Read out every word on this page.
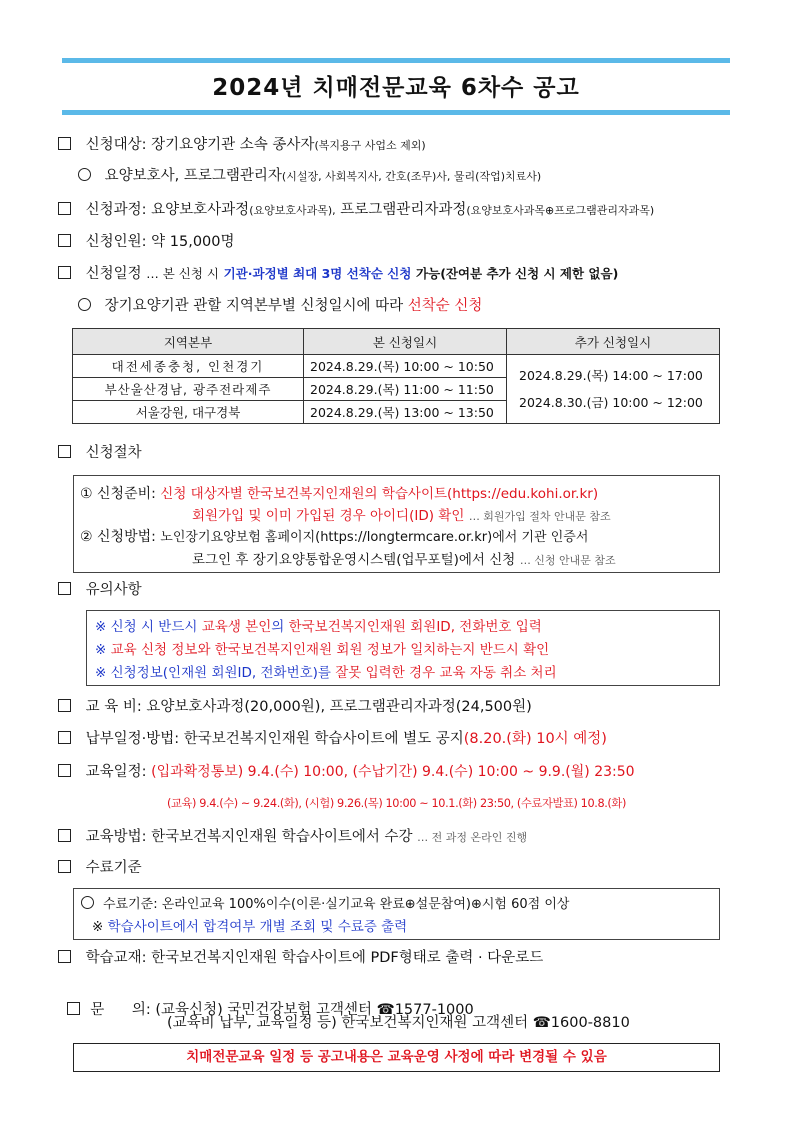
2024년 치매전문교육 6차수 공고
신청대상: 장기요양기관 소속 종사자(복지용구 사업소 제외)
요양보호사, 프로그램관리자(시설장, 사회복지사, 간호(조무)사, 물리(작업)치료사)
신청과정: 요양보호사과정(요양보호사과목), 프로그램관리자과정(요양보호사과목⊕프로그램관리자과목)
신청인원: 약 15,000명
신청일정 … 본 신청 시 기관·과정별 최대 3명 선착순 신청 가능(잔여분 추가 신청 시 제한 없음)
장기요양기관 관할 지역본부별 신청일시에 따라 선착순 신청
지역본부	본 신청일시	추가 신청일시
대전세종충청, 인천경기	2024.8.29.(목) 10:00 ~ 10:50	2024.8.29.(목) 14:00 ~ 17:00
2024.8.30.(금) 10:00 ~ 12:00

부산울산경남, 광주전라제주	2024.8.29.(목) 11:00 ~ 11:50	
서울강원, 대구경북	2024.8.29.(목) 13:00 ~ 13:50	
신청절차
① 신청준비: 신청 대상자별 한국보건복지인재원의 학습사이트(https://edu.kohi.or.kr)
회원가입 및 이미 가입된 경우 아이디(ID) 확인 … 회원가입 절차 안내문 참조
② 신청방법: 노인장기요양보험 홈페이지(https://longtermcare.or.kr)에서 기관 인증서
로그인 후 장기요양통합운영시스템(업무포털)에서 신청 … 신청 안내문 참조
유의사항
※ 신청 시 반드시 교육생 본인의 한국보건복지인재원 회원ID, 전화번호 입력
※ 교육 신청 정보와 한국보건복지인재원 회원 정보가 일치하는지 반드시 확인
※ 신청정보(인재원 회원ID, 전화번호)를 잘못 입력한 경우 교육 자동 취소 처리
교 육 비: 요양보호사과정(20,000원), 프로그램관리자과정(24,500원)
납부일정·방법: 한국보건복지인재원 학습사이트에 별도 공지(8.20.(화) 10시 예정)
교육일정: (입과확정통보) 9.4.(수) 10:00, (수납기간) 9.4.(수) 10:00 ~ 9.9.(월) 23:50
(교육) 9.4.(수) ~ 9.24.(화), (시험) 9.26.(목) 10:00 ~ 10.1.(화) 23:50, (수료자발표) 10.8.(화)
교육방법: 한국보건복지인재원 학습사이트에서 수강 … 전 과정 온라인 진행
수료기준
수료기준: 온라인교육 100%이수(이론·실기교육 완료⊕설문참여)⊕시험 60점 이상
※ 학습사이트에서 합격여부 개별 조회 및 수료증 출력
학습교재: 한국보건복지인재원 학습사이트에 PDF형태로 출력 · 다운로드

문      의: (교육신청) 국민건강보험 고객센터 ☎1577-1000

(교육비 납부, 교육일정 등) 한국보건복지인재원 고객센터 ☎1600-8810
치매전문교육 일정 등 공고내용은 교육운영 사정에 따라 변경될 수 있음
